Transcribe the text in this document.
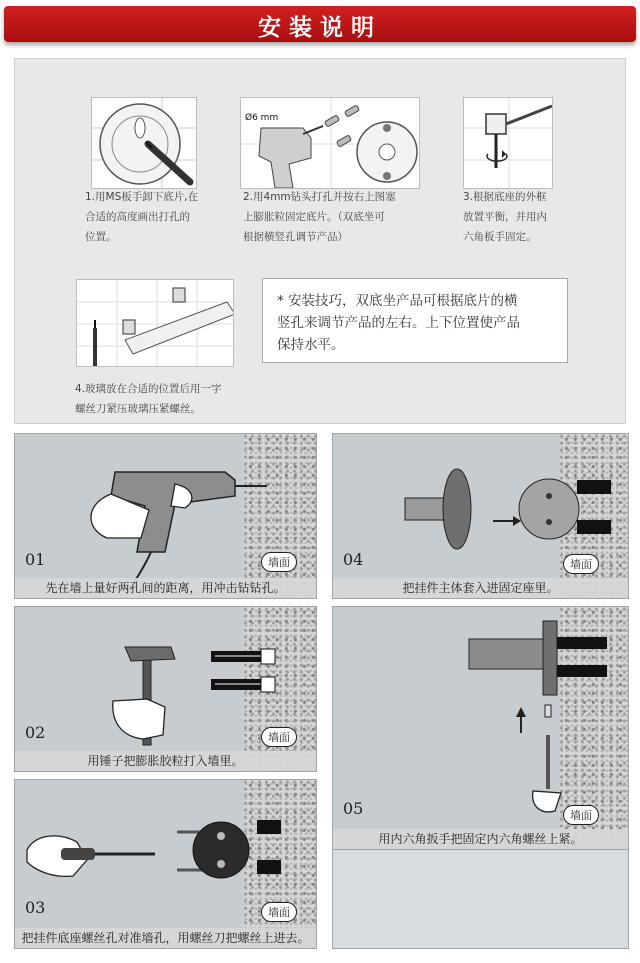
安装说明
1.用MS板手卸下底片,在
合适的高度画出打孔的
位置。
Ø6 mm
2.用4mm钻头打孔并按右上图塞
上膨胀粒固定底片。（双底坐可
根据横竖孔调节产品）
3.根据底座的外框
放置平衡，并用内
六角板手固定。
4.玻璃放在合适的位置后用一字
螺丝刀紧压玻璃压紧螺丝。
* 安装技巧，双底坐产品可根据底片的横
竖孔来调节产品的左右。上下位置使产品
保持水平。
01	墙面
先在墙上量好两孔间的距离，用冲击钻钻孔。
02	墙面
用锤子把膨胀胶粒打入墙里。
03	墙面
把挂件底座螺丝孔对准墙孔，用螺丝刀把螺丝上进去。
04	墙面
把挂件主体套入进固定座里。
05	墙面
用内六角扳手把固定内六角螺丝上紧。
